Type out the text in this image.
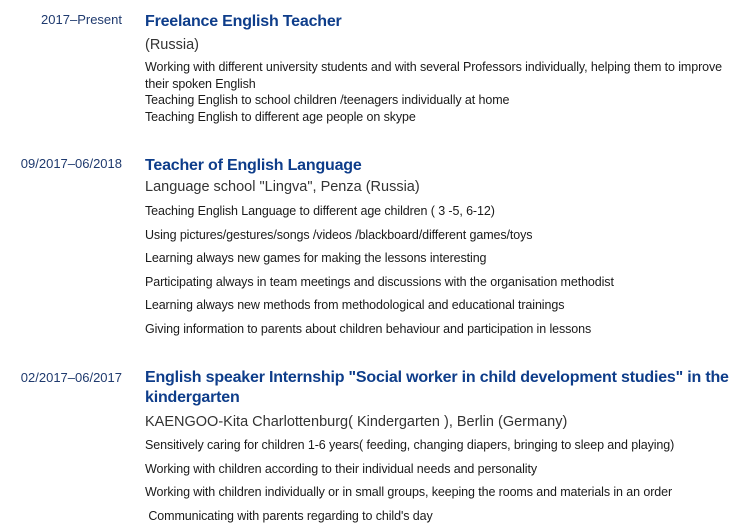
2017–Present Freelance English Teacher
(Russia)
Working with different university students and with several Professors individually, helping them to improve their spoken English
Teaching English to school children /teenagers individually at home
Teaching English to different age people on skype
09/2017–06/2018 Teacher of English Language
Language school "Lingva", Penza (Russia)
Teaching English Language to different age children ( 3 -5, 6-12)
Using pictures/gestures/songs /videos /blackboard/different games/toys
Learning always new games for making the lessons interesting
Participating always in team meetings and discussions with the organisation methodist
Learning always new methods from methodological and educational trainings
Giving information to parents about children behaviour and participation in lessons
02/2017–06/2017 English speaker Internship "Social worker in child development studies" in the kindergarten
KAENGOO-Kita Charlottenburg( Kindergarten ), Berlin (Germany)
Sensitively caring for children 1-6 years( feeding, changing diapers, bringing to sleep and playing)
Working with children according to their individual needs and personality
Working with children individually or in small groups, keeping the rooms and materials in an order
Communicating with parents regarding to child's day
